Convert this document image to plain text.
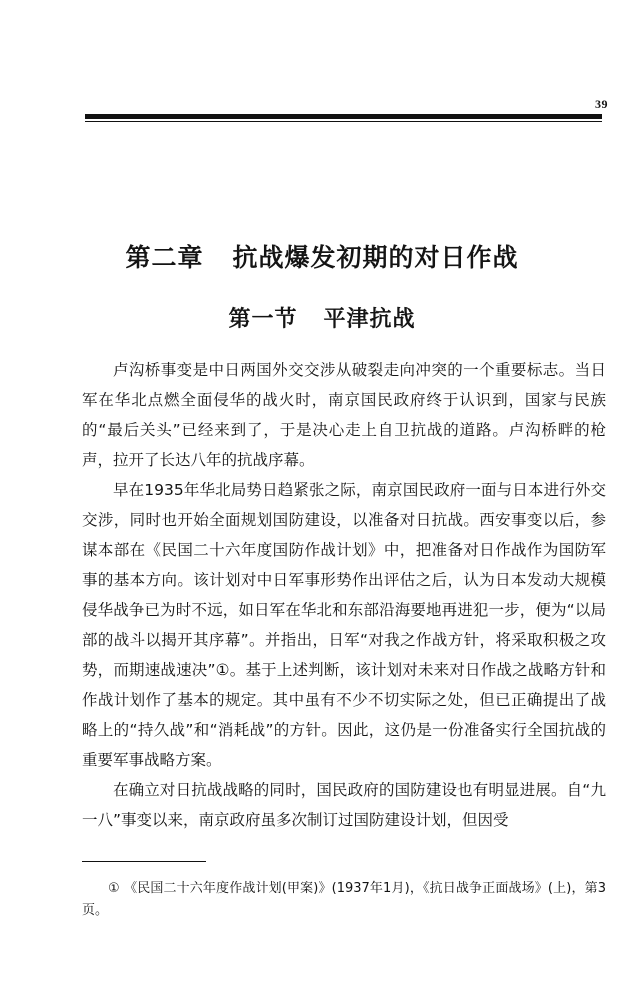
39
第二章   抗战爆发初期的对日作战
第一节   平津抗战

卢沟桥事变是中日两国外交交涉从破裂走向冲突的一个重要标志。当日军在华北点燃全面侵华的战火时，南京国民政府终于认识到，国家与民族的“最后关头”已经来到了，于是决心走上自卫抗战的道路。卢沟桥畔的枪声，拉开了长达八年的抗战序幕。

早在1935年华北局势日趋紧张之际，南京国民政府一面与日本进行外交交涉，同时也开始全面规划国防建设，以准备对日抗战。西安事变以后，参谋本部在《民国二十六年度国防作战计划》中，把准备对日作战作为国防军事的基本方向。该计划对中日军事形势作出评估之后，认为日本发动大规模侵华战争已为时不远，如日军在华北和东部沿海要地再进犯一步，便为“以局部的战斗以揭开其序幕”。并指出，日军“对我之作战方针，将采取积极之攻势，而期速战速决”①。基于上述判断，该计划对未来对日作战之战略方针和作战计划作了基本的规定。其中虽有不少不切实际之处，但已正确提出了战略上的“持久战”和“消耗战”的方针。因此，这仍是一份准备实行全国抗战的重要军事战略方案。

在确立对日抗战战略的同时，国民政府的国防建设也有明显进展。自“九一八”事变以来，南京政府虽多次制订过国防建设计划，但因受

① 《民国二十六年度作战计划(甲案)》(1937年1月)，《抗日战争正面战场》(上)，第3页。
